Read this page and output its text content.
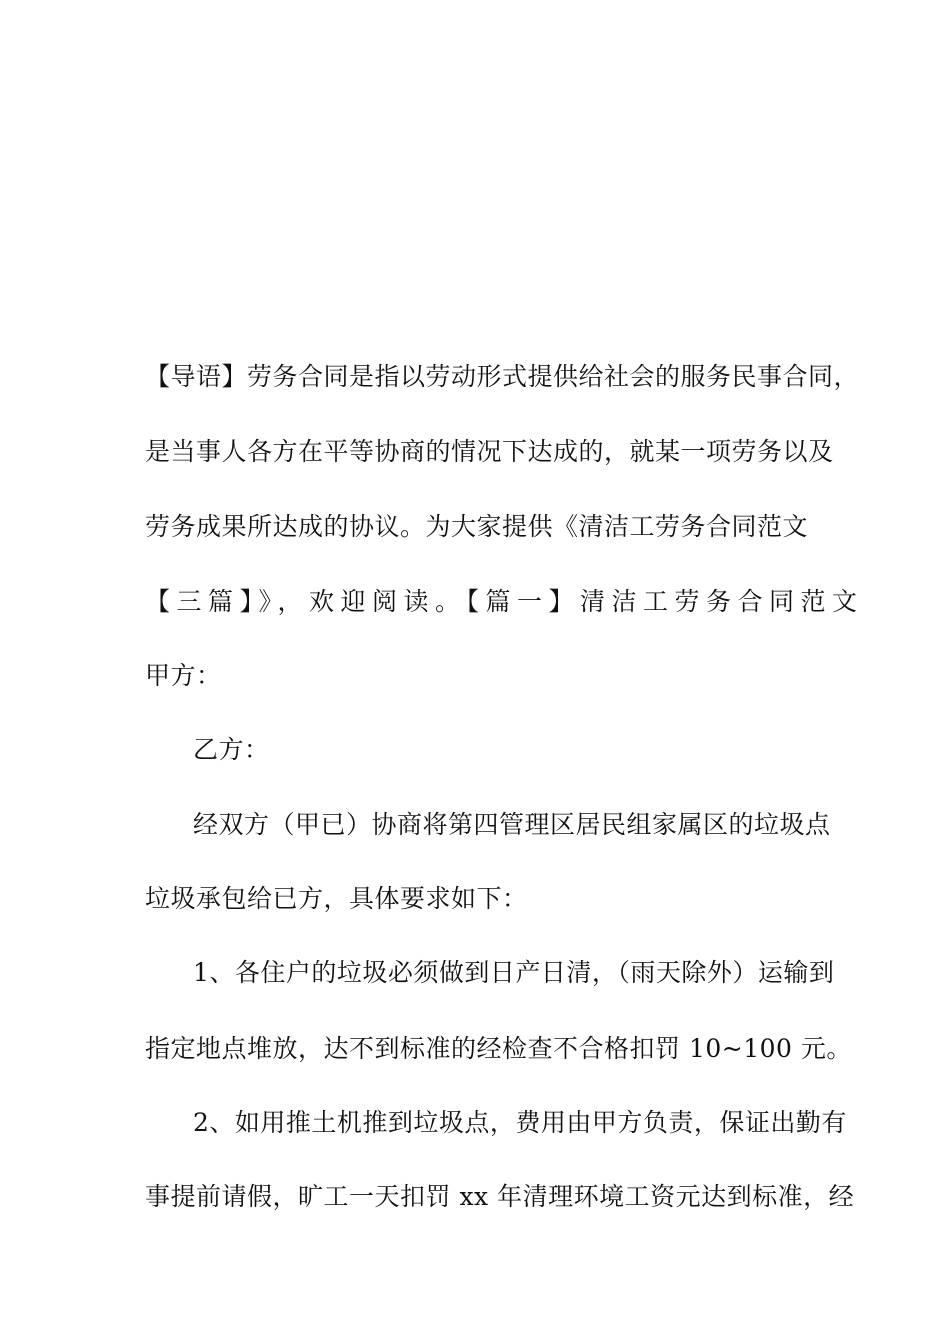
【导语】劳务合同是指以劳动形式提供给社会的服务民事合同，
是当事人各方在平等协商的情况下达成的，就某一项劳务以及
劳务成果所达成的协议。为大家提供《清洁工劳务合同范文
【三篇】》，欢迎阅读。【篇一】清洁工劳务合同范文
甲方：
乙方：
经双方（甲已）协商将第四管理区居民组家属区的垃圾点
垃圾承包给已方，具体要求如下：
1、各住户的垃圾必须做到日产日清，（雨天除外）运输到
指定地点堆放，达不到标准的经检查不合格扣罚 10~100 元。
2、如用推土机推到垃圾点，费用由甲方负责，保证出勤有
事提前请假，旷工一天扣罚 xx 年清理环境工资元达到标准，经
